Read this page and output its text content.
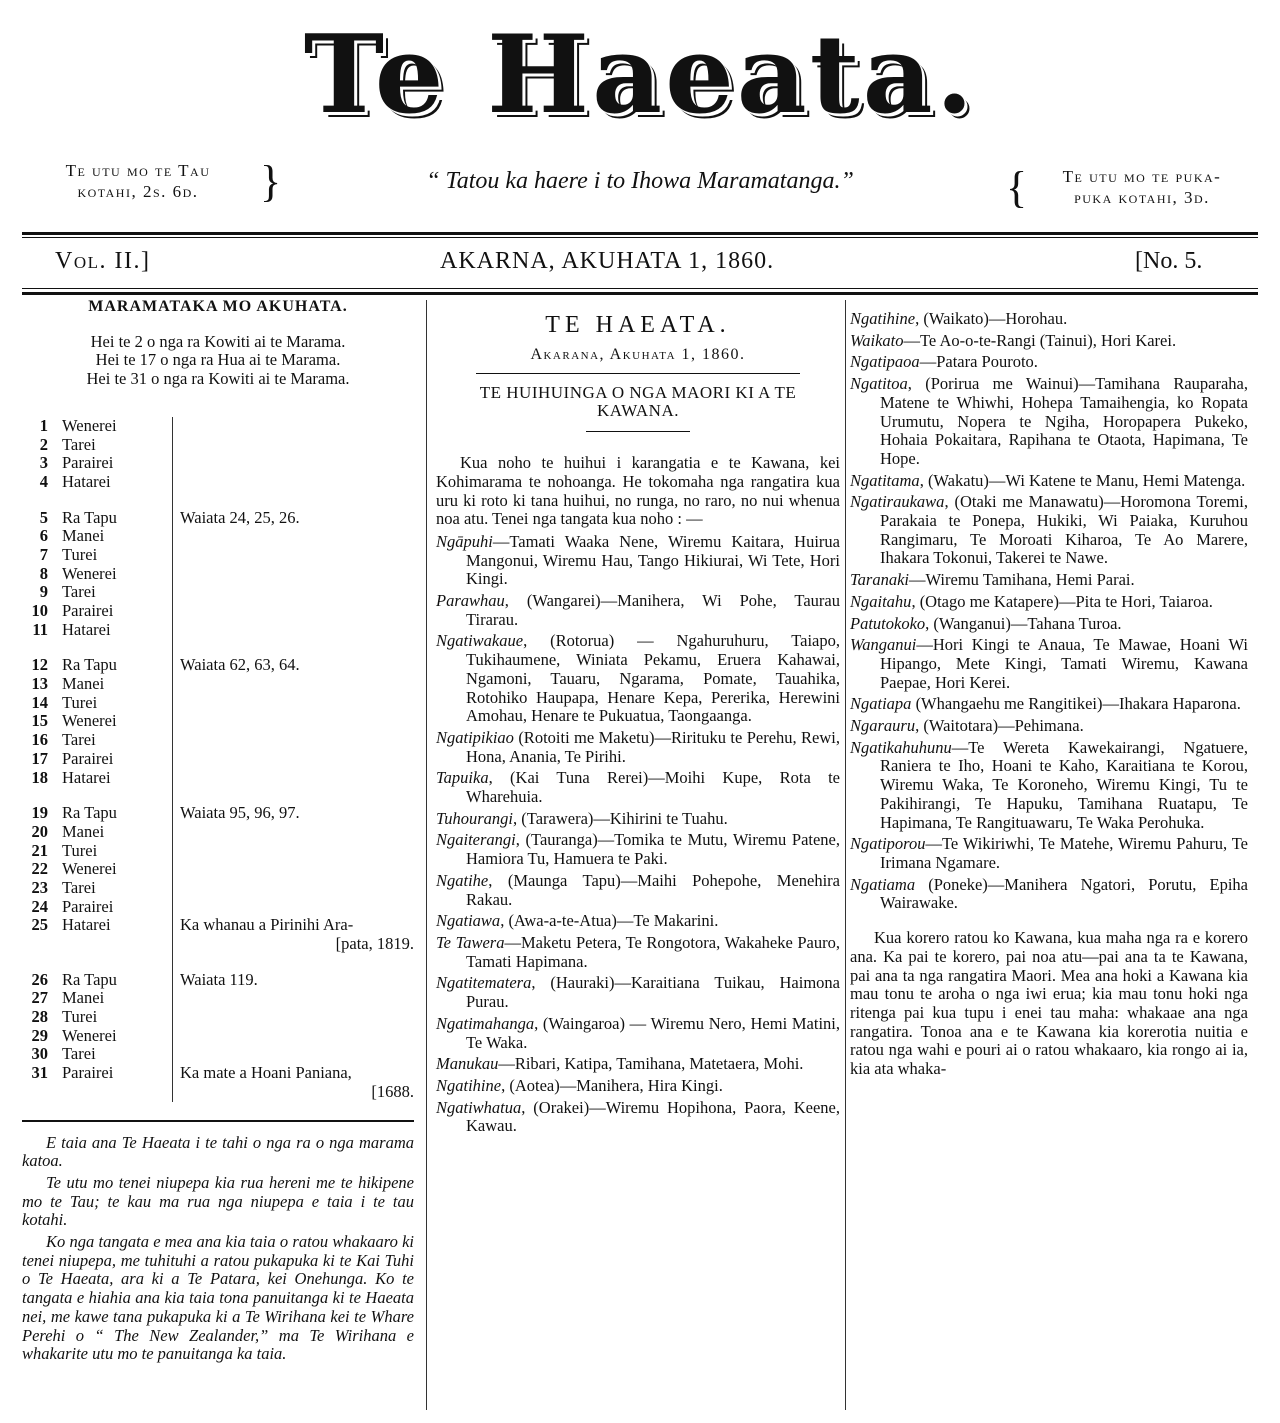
Te Haeata.
Te utu mo te Tau
kotahi, 2s. 6d.	}	“ Tatou ka haere i to Ihowa Maramatanga.”	{	Te utu mo te puka-
puka kotahi, 3d.
Vol. II.]	AKARNA, AKUHATA 1, 1860.	[No. 5.
MARAMATAKA MO AKUHATA.
Hei te 2 o nga ra Kowiti ai te Marama.
Hei te 17 o nga ra Hua ai te Marama.
Hei te 31 o nga ra Kowiti ai te Marama.
1 Wenerei
2 Tarei
3 Parairei
4 Hatarei
5 Ra Tapu	Waiata 24, 25, 26.
6 Manei
7 Turei
8 Wenerei
9 Tarei
10 Parairei
11 Hatarei
12 Ra Tapu	Waiata 62, 63, 64.
13 Manei
14 Turei
15 Wenerei
16 Tarei
17 Parairei
18 Hatarei
19 Ra Tapu	Waiata 95, 96, 97.
20 Manei
21 Turei
22 Wenerei
23 Tarei
24 Parairei
25 Hatarei	Ka whanau a Pirinihi Ara-
[pata, 1819.
26 Ra Tapu	Waiata 119.
27 Manei
28 Turei
29 Wenerei
30 Tarei
31 Parairei	Ka mate a Hoani Paniana,
[1688.

E taia ana Te Haeata i te tahi o nga ra o nga marama katoa.

Te utu mo tenei niupepa kia rua hereni me te hikipene mo te Tau; te kau ma rua nga niupepa e taia i te tau kotahi.

Ko nga tangata e mea ana kia taia o ratou whakaaro ki tenei niupepa, me tuhituhi a ratou pukapuka ki te Kai Tuhi o Te Haeata, ara ki a Te Patara, kei Onehunga. Ko te tangata e hiahia ana kia taia tona panuitanga ki te Haeata nei, me kawe tana pukapuka ki a Te Wirihana kei te Whare Perehi o “ The New Zealander,” ma Te Wirihana e whakarite utu mo te panuitanga ka taia.

TE HAEATA.
Akarana, Akuhata 1, 1860.
TE HUIHUINGA O NGA MAORI KI A TE KAWANA.
Kua noho te huihui i karangatia e te Kawana, kei Kohimarama te nohoanga. He tokomaha nga rangatira kua uru ki roto ki tana huihui, no runga, no raro, no nui whenua noa atu. Tenei nga tangata kua noho : —
Ngāpuhi—Tamati Waaka Nene, Wiremu Kaitara, Huirua Mangonui, Wiremu Hau, Tango Hikiurai, Wi Tete, Hori Kingi.
Parawhau, (Wangarei)—Manihera, Wi Pohe, Taurau Tirarau.
Ngatiwakaue, (Rotorua) — Ngahuruhuru, Taiapo, Tukihaumene, Winiata Pekamu, Eruera Kahawai, Ngamoni, Tauaru, Ngarama, Pomate, Tauahika, Rotohiko Haupapa, Henare Kepa, Pererika, Herewini Amohau, Henare te Pukuatua, Taongaanga.
Ngatipikiao (Rotoiti me Maketu)—Rirituku te Perehu, Rewi, Hona, Anania, Te Pirihi.
Tapuika, (Kai Tuna Rerei)—Moihi Kupe, Rota te Wharehuia.
Tuhourangi, (Tarawera)—Kihirini te Tuahu.
Ngaiterangi, (Tauranga)—Tomika te Mutu, Wiremu Patene, Hamiora Tu, Hamuera te Paki.
Ngatihe, (Maunga Tapu)—Maihi Pohepohe, Menehira Rakau.
Ngatiawa, (Awa-a-te-Atua)—Te Makarini.
Te Tawera—Maketu Petera, Te Rongotora, Wakaheke Pauro, Tamati Hapimana.
Ngatitematera, (Hauraki)—Karaitiana Tuikau, Haimona Purau.
Ngatimahanga, (Waingaroa) — Wiremu Nero, Hemi Matini, Te Waka.
Manukau—Ribari, Katipa, Tamihana, Matetaera, Mohi.
Ngatihine, (Aotea)—Manihera, Hira Kingi.
Ngatiwhatua, (Orakei)—Wiremu Hopihona, Paora, Keene, Kawau.
Ngatihine, (Waikato)—Horohau.
Waikato—Te Ao-o-te-Rangi (Tainui), Hori Karei.
Ngatipaoa—Patara Pouroto.
Ngatitoa, (Porirua me Wainui)—Tamihana Rauparaha, Matene te Whiwhi, Hohepa Tamaihengia, ko Ropata Urumutu, Nopera te Ngiha, Horopapera Pukeko, Hohaia Pokaitara, Rapihana te Otaota, Hapimana, Te Hope.
Ngatitama, (Wakatu)—Wi Katene te Manu, Hemi Matenga.
Ngatiraukawa, (Otaki me Manawatu)—Horomona Toremi, Parakaia te Ponepa, Hukiki, Wi Paiaka, Kuruhou Rangimaru, Te Moroati Kiharoa, Te Ao Marere, Ihakara Tokonui, Takerei te Nawe.
Taranaki—Wiremu Tamihana, Hemi Parai.
Ngaitahu, (Otago me Katapere)—Pita te Hori, Taiaroa.
Patutokoko, (Wanganui)—Tahana Turoa.
Wanganui—Hori Kingi te Anaua, Te Mawae, Hoani Wi Hipango, Mete Kingi, Tamati Wiremu, Kawana Paepae, Hori Kerei.
Ngatiapa (Whangaehu me Rangitikei)—Ihakara Haparona.
Ngarauru, (Waitotara)—Pehimana.
Ngatikahuhunu—Te Wereta Kawekairangi, Ngatuere, Raniera te Iho, Hoani te Kaho, Karaitiana te Korou, Wiremu Waka, Te Koroneho, Wiremu Kingi, Tu te Pakihirangi, Te Hapuku, Tamihana Ruatapu, Te Hapimana, Te Rangituawaru, Te Waka Perohuka.
Ngatiporou—Te Wikiriwhi, Te Matehe, Wiremu Pahuru, Te Irimana Ngamare.
Ngatiama (Poneke)—Manihera Ngatori, Porutu, Epiha Wairawake.
Kua korero ratou ko Kawana, kua maha nga ra e korero ana. Ka pai te korero, pai noa atu—pai ana ta te Kawana, pai ana ta nga rangatira Maori. Mea ana hoki a Kawana kia mau tonu te aroha o nga iwi erua; kia mau tonu hoki nga ritenga pai kua tupu i enei tau maha: whakaae ana nga rangatira. Tonoa ana e te Kawana kia korerotia nuitia e ratou nga wahi e pouri ai o ratou whakaaro, kia rongo ai ia, kia ata whaka-
